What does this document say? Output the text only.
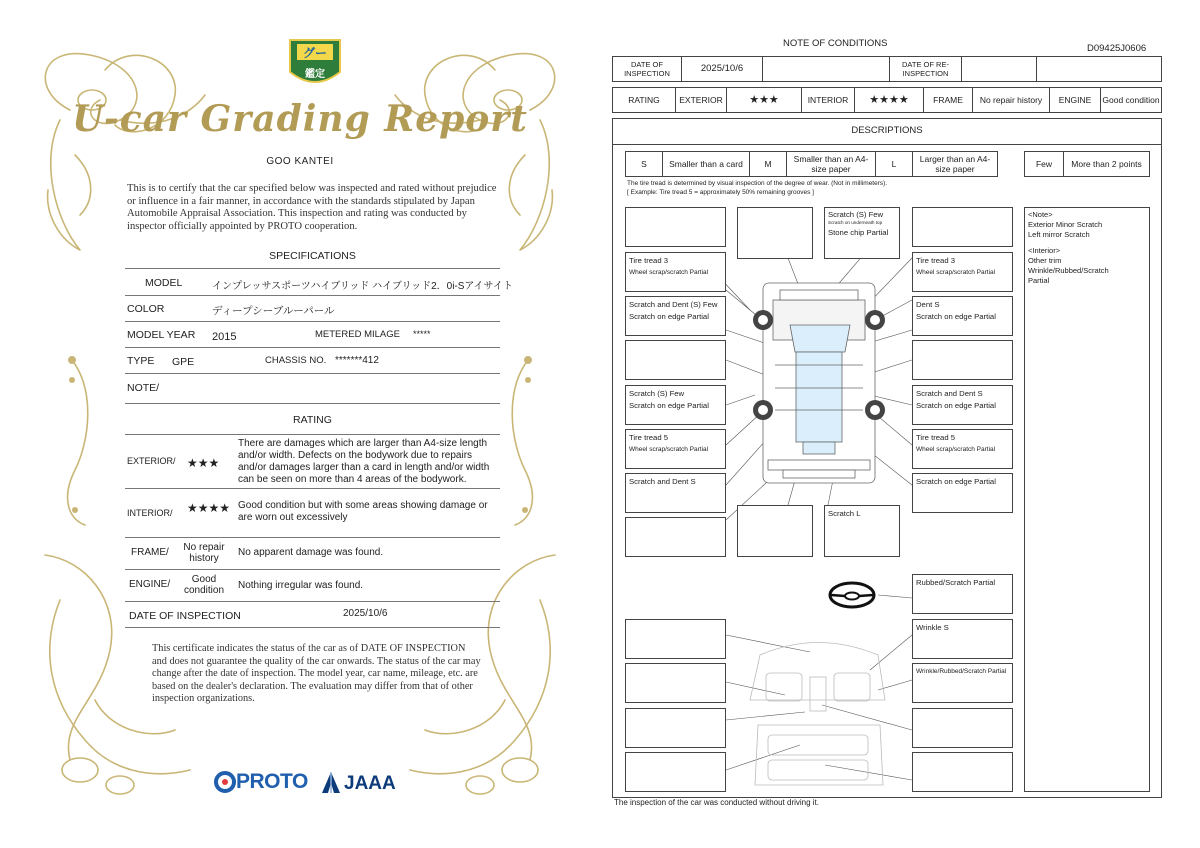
グー
鑑定
U-car Grading Report
GOO KANTEI
This is to certify that the car specified below was inspected and rated without prejudice or influence in a fair manner, in accordance with the standards stipulated by Japan Automobile Appraisal Association. This inspection and rating was conducted by inspector officially appointed by PROTO cooperation.
SPECIFICATIONS
MODEL	インプレッサスポーツハイブリッド ハイブリッド2．0i-Sアイサイト
COLOR	ディープシーブルーパール
MODEL YEAR 2015	METERED MILAGE *****
TYPE GPE	CHASSIS NO. *******412
NOTE/
RATING
EXTERIOR/ ★★★
There are damages which are larger than A4-size length and/or width. Defects on the bodywork due to repairs and/or damages larger than a card in length and/or width can be seen on more than 4 areas of the bodywork.
INTERIOR/ ★★★★ Good condition but with some areas showing damage or are worn out excessively
FRAME/	No repair history
No apparent damage was found.
ENGINE/	Good condition	Nothing irregular was found.
DATE OF INSPECTION	2025/10/6
This certificate indicates the status of the car as of DATE OF INSPECTION and does not guarantee the quality of the car onwards. The status of the car may change after the date of inspection. The model year, car name, mileage, etc. are based on the dealer's declaration. The evaluation may differ from that of other inspection organizations.
PROTO JAAA
NOTE OF CONDITIONS	D09425J0606
DATE OF INSPECTION	2025/10/6	DATE OF RE-INSPECTION
RATING	EXTERIOR	★★★	INTERIOR	★★★★	FRAME	No repair history	ENGINE	Good condition
DESCRIPTIONS
S	Smaller than a card	M	Smaller than an A4-size paper	L	Larger than an A4-size paper	Few	More than 2 points
The tire tread is determined by visual inspection of the degree of wear. (Not in millimeters).
[ Example: Tire tread 5 = approximately 50% remaining grooves ]
Tire tread 3
Wheel scrap/scratch Partial
Scratch and Dent (S) Few
Scratch on edge Partial
Scratch (S) Few
Scratch on edge Partial
Tire tread 5
Wheel scrap/scratch Partial
Scratch and Dent S
Scratch (S) Few
Scratch on underneath top
Stone chip Partial
Scratch L
Tire tread 3
Wheel scrap/scratch Partial
Dent S
Scratch on edge Partial
Scratch and Dent S
Scratch on edge Partial
Tire tread 5
Wheel scrap/scratch Partial
Scratch on edge Partial
Rubbed/Scratch Partial
Wrinkle S
Wrinkle/Rubbed/Scratch Partial
<Note>
Exterior Minor Scratch
Left mirror Scratch
<Interior>
Other trim
Wrinkle/Rubbed/Scratch
Partial
The inspection of the car was conducted without driving it.
